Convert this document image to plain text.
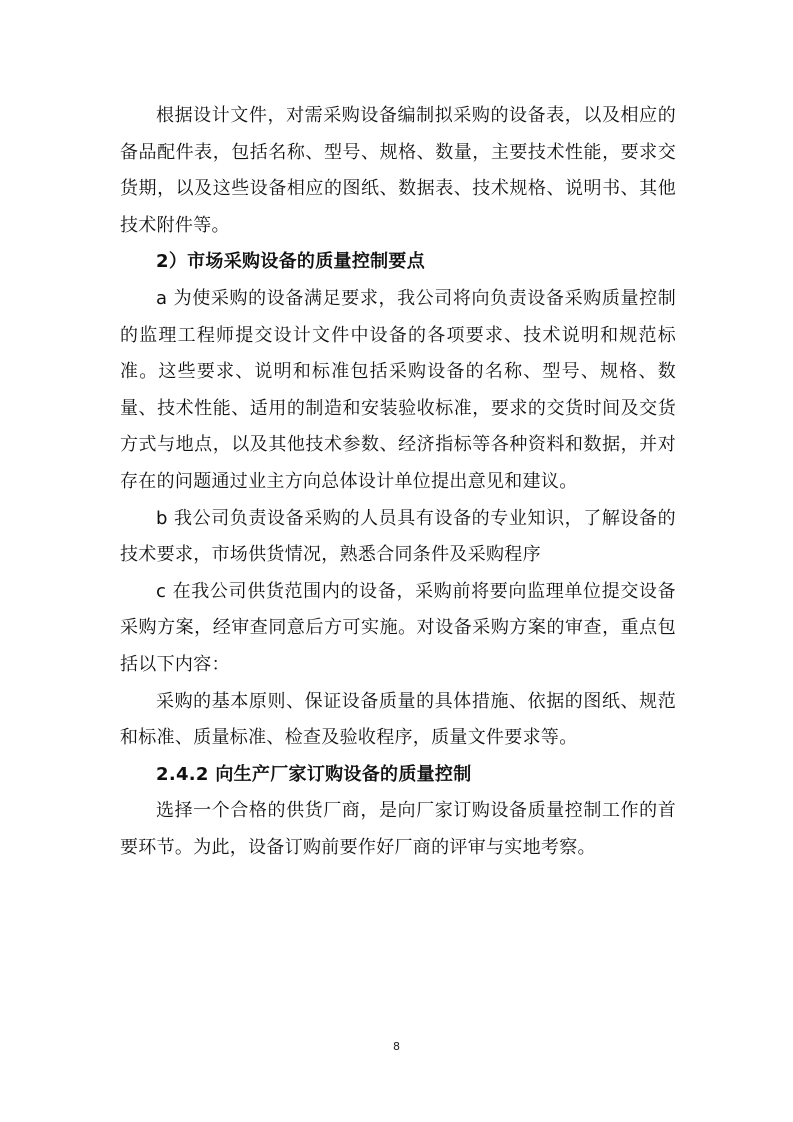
根据设计文件，对需采购设备编制拟采购的设备表，以及相应的备品配件表，包括名称、型号、规格、数量，主要技术性能，要求交货期，以及这些设备相应的图纸、数据表、技术规格、说明书、其他技术附件等。

2）市场采购设备的质量控制要点

a 为使采购的设备满足要求，我公司将向负责设备采购质量控制的监理工程师提交设计文件中设备的各项要求、技术说明和规范标准。这些要求、说明和标准包括采购设备的名称、型号、规格、数量、技术性能、适用的制造和安装验收标准，要求的交货时间及交货方式与地点，以及其他技术参数、经济指标等各种资料和数据，并对存在的问题通过业主方向总体设计单位提出意见和建议。

b 我公司负责设备采购的人员具有设备的专业知识，了解设备的技术要求，市场供货情况，熟悉合同条件及采购程序

c 在我公司供货范围内的设备，采购前将要向监理单位提交设备采购方案，经审查同意后方可实施。对设备采购方案的审查，重点包括以下内容：

采购的基本原则、保证设备质量的具体措施、依据的图纸、规范和标准、质量标准、检查及验收程序，质量文件要求等。

2.4.2 向生产厂家订购设备的质量控制

选择一个合格的供货厂商，是向厂家订购设备质量控制工作的首要环节。为此，设备订购前要作好厂商的评审与实地考察。

8
